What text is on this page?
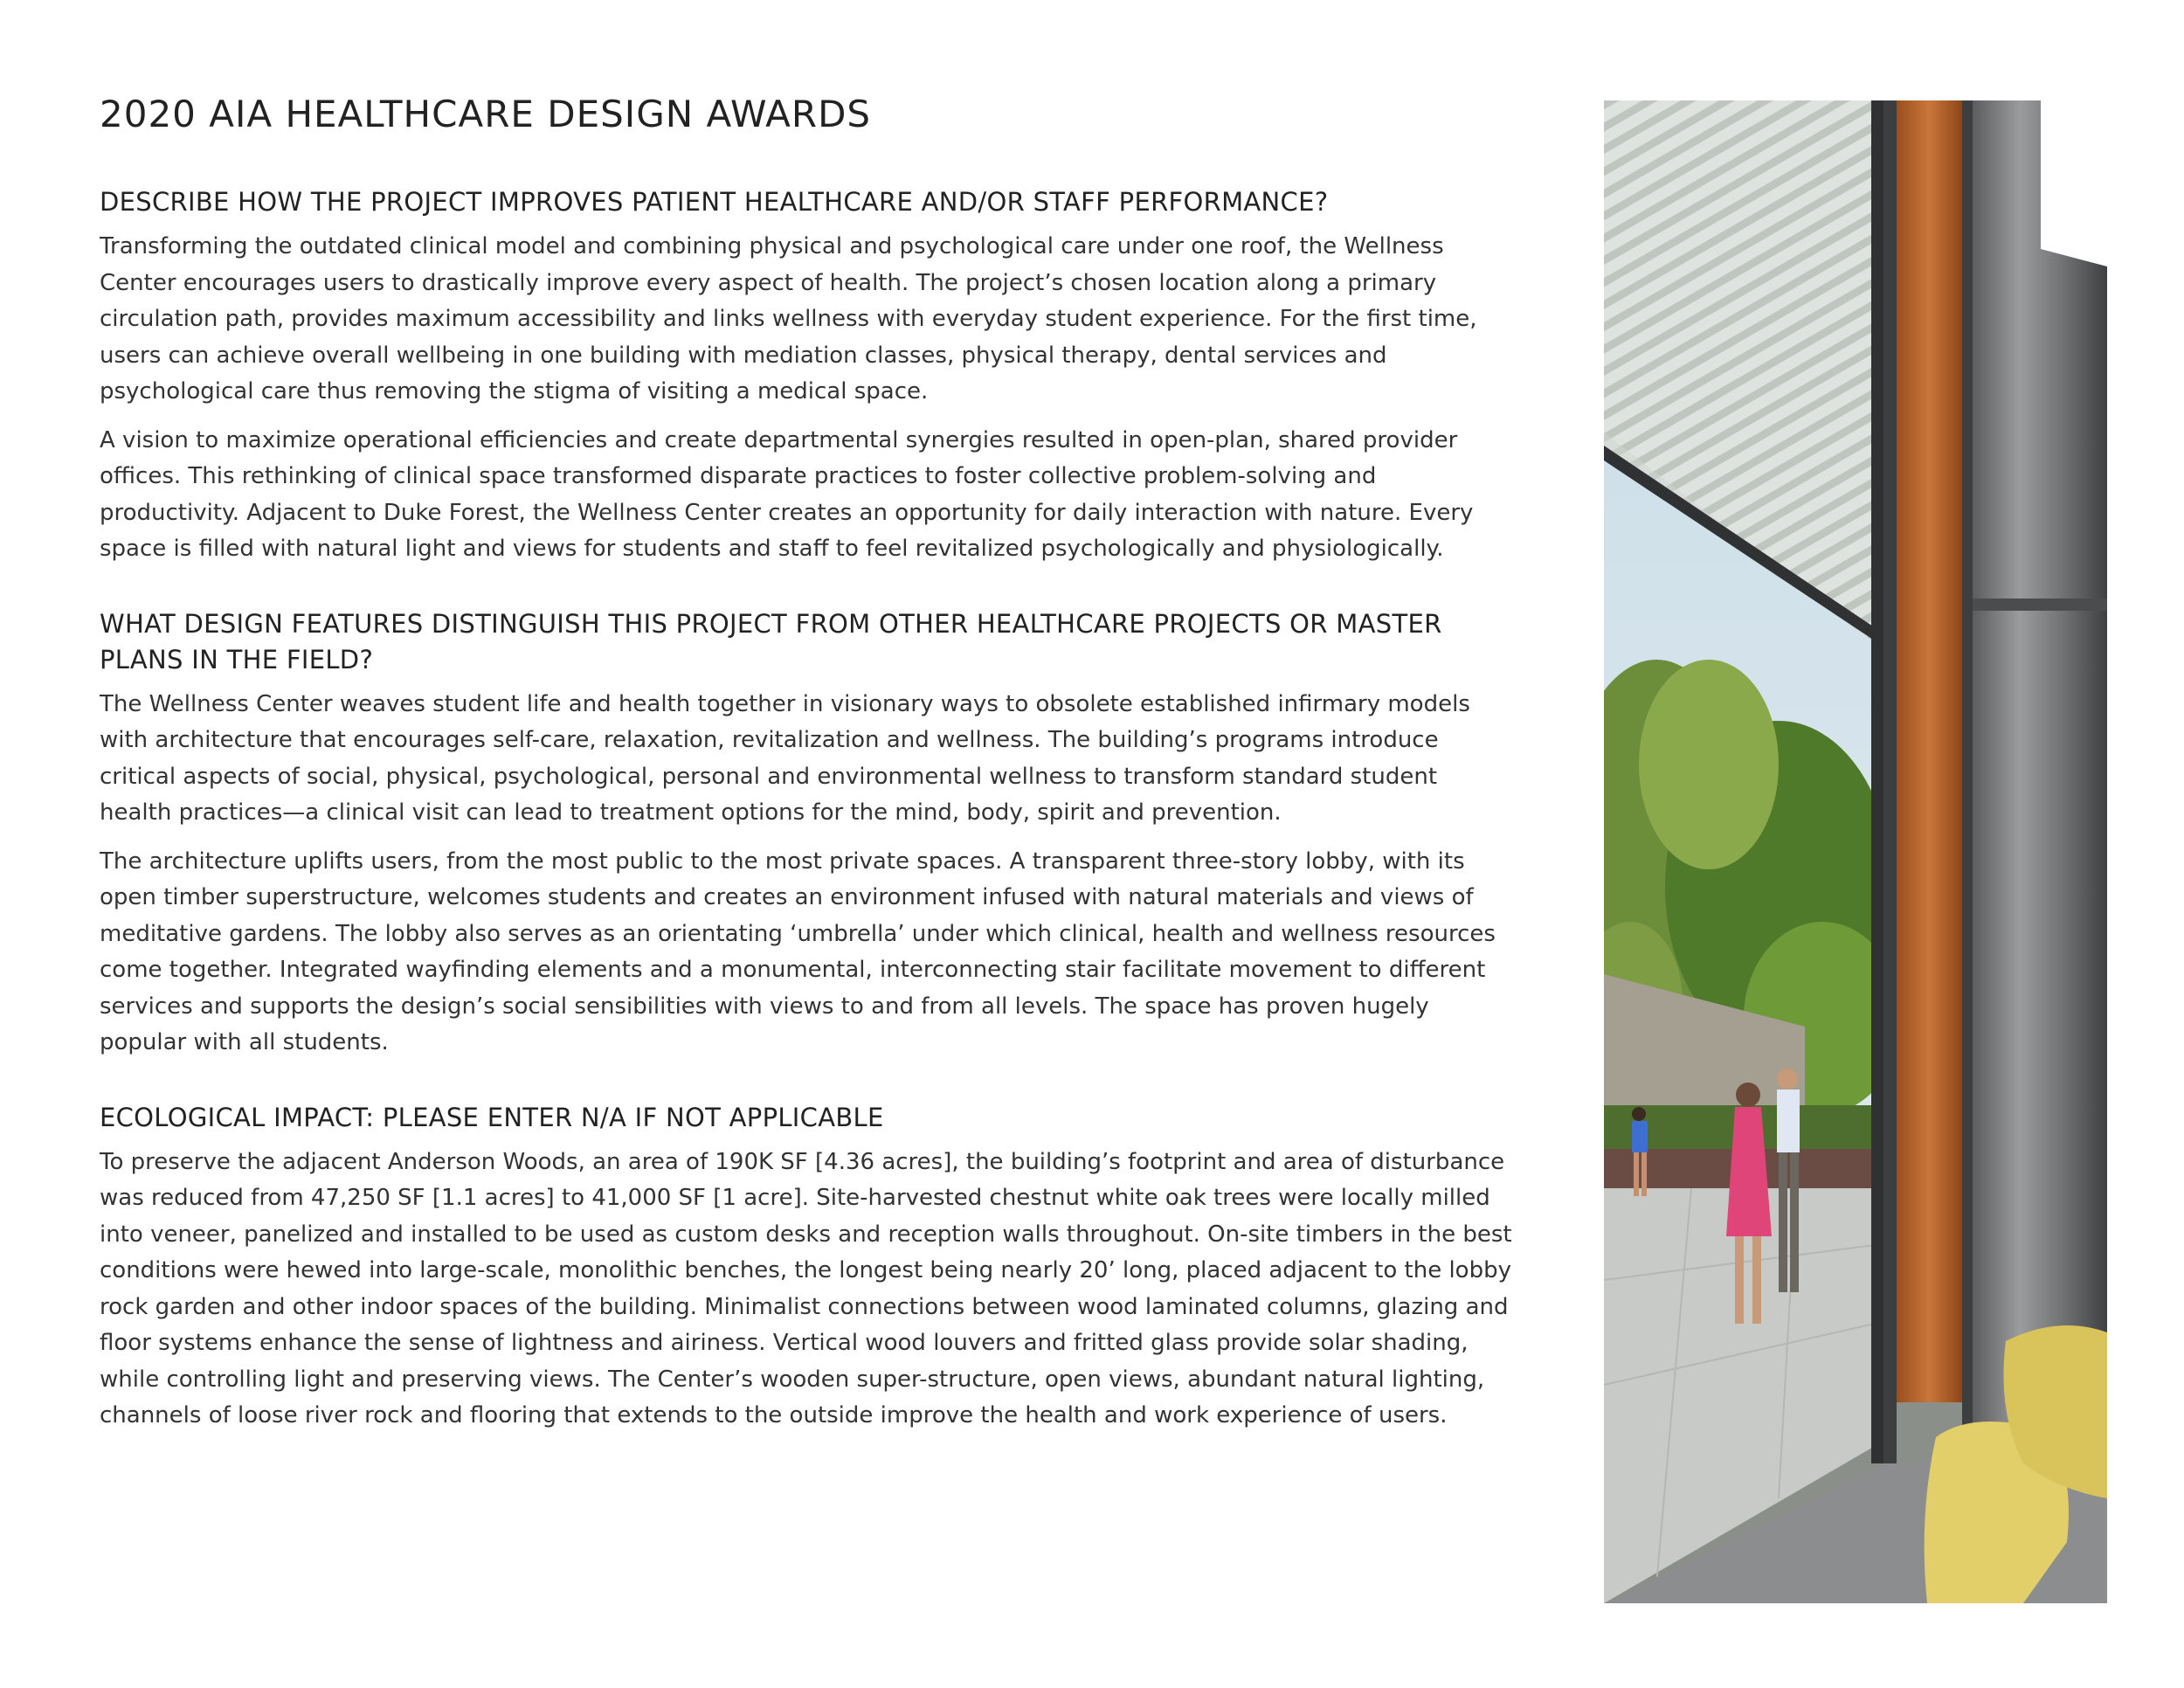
2020 AIA HEALTHCARE DESIGN AWARDS
DESCRIBE HOW THE PROJECT IMPROVES PATIENT HEALTHCARE AND/OR STAFF PERFORMANCE?

Transforming the outdated clinical model and combining physical and psychological care under one roof, the Wellness Center encourages users to drastically improve every aspect of health. The project’s chosen location along a primary circulation path, provides maximum accessibility and links wellness with everyday student experience. For the first time, users can achieve overall wellbeing in one building with mediation classes, physical therapy, dental services and psychological care thus removing the stigma of visiting a medical space.

A vision to maximize operational efficiencies and create departmental synergies resulted in open-plan, shared provider offices. This rethinking of clinical space transformed disparate practices to foster collective problem-solving and productivity. Adjacent to Duke Forest, the Wellness Center creates an opportunity for daily interaction with nature. Every space is filled with natural light and views for students and staff to feel revitalized psychologically and physiologically.

WHAT DESIGN FEATURES DISTINGUISH THIS PROJECT FROM OTHER HEALTHCARE PROJECTS OR MASTER PLANS IN THE FIELD?

The Wellness Center weaves student life and health together in visionary ways to obsolete established infirmary models with architecture that encourages self-care, relaxation, revitalization and wellness. The building’s programs introduce critical aspects of social, physical, psychological, personal and environmental wellness to transform standard student health practices—a clinical visit can lead to treatment options for the mind, body, spirit and prevention.

The architecture uplifts users, from the most public to the most private spaces. A transparent three-story lobby, with its open timber superstructure, welcomes students and creates an environment infused with natural materials and views of meditative gardens. The lobby also serves as an orientating ‘umbrella’ under which clinical, health and wellness resources come together. Integrated wayfinding elements and a monumental, interconnecting stair facilitate movement to different services and supports the design’s social sensibilities with views to and from all levels. The space has proven hugely popular with all students.

ECOLOGICAL IMPACT: PLEASE ENTER N/A IF NOT APPLICABLE

To preserve the adjacent Anderson Woods, an area of 190K SF [4.36 acres], the building’s footprint and area of disturbance was reduced from 47,250 SF [1.1 acres] to 41,000 SF [1 acre]. Site-harvested chestnut white oak trees were locally milled into veneer, panelized and installed to be used as custom desks and reception walls throughout. On-site timbers in the best conditions were hewed into large-scale, monolithic benches, the longest being nearly 20’ long, placed adjacent to the lobby rock garden and other indoor spaces of the building. Minimalist connections between wood laminated columns, glazing and floor systems enhance the sense of lightness and airiness. Vertical wood louvers and fritted glass provide solar shading, while controlling light and preserving views. The Center’s wooden super-structure, open views, abundant natural lighting, channels of loose river rock and flooring that extends to the outside improve the health and work experience of users.
